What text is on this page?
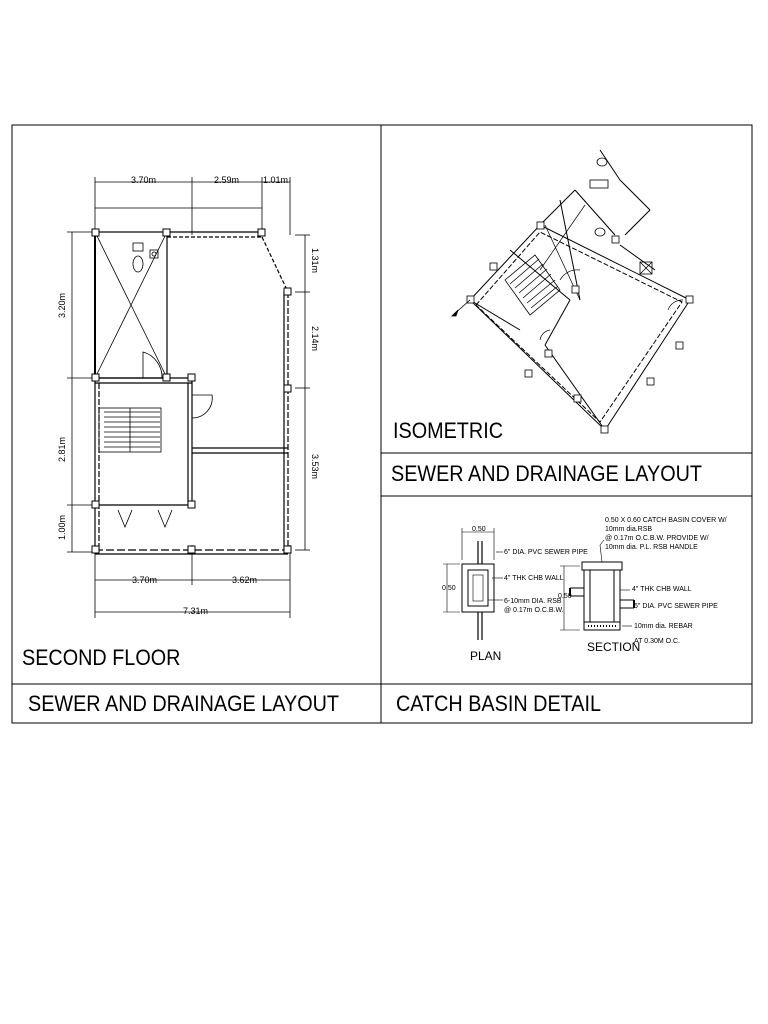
SECOND FLOOR
SEWER AND DRAINAGE LAYOUT
ISOMETRIC
SEWER AND DRAINAGE LAYOUT
CATCH BASIN DETAIL
3.70m	2.59m	1.01m
3.70m	3.62m
7.31m
3.20m
2.81m
1.00m
1.31m
2.14m
3.53m
PLAN
SECTION
0.50
0.50
0.50
6" DIA. PVC SEWER PIPE
4" THK CHB WALL
6-10mm DIA. RSB
@ 0.17m O.C.B.W.
0.50 X 0.60 CATCH BASIN COVER W/
10mm dia.RSB
@ 0.17m O.C.B.W. PROVIDE W/
10mm dia. P.L. RSB HANDLE
4" THK CHB WALL
6" DIA. PVC SEWER PIPE
10mm dia. REBAR
AT 0.30M O.C.
